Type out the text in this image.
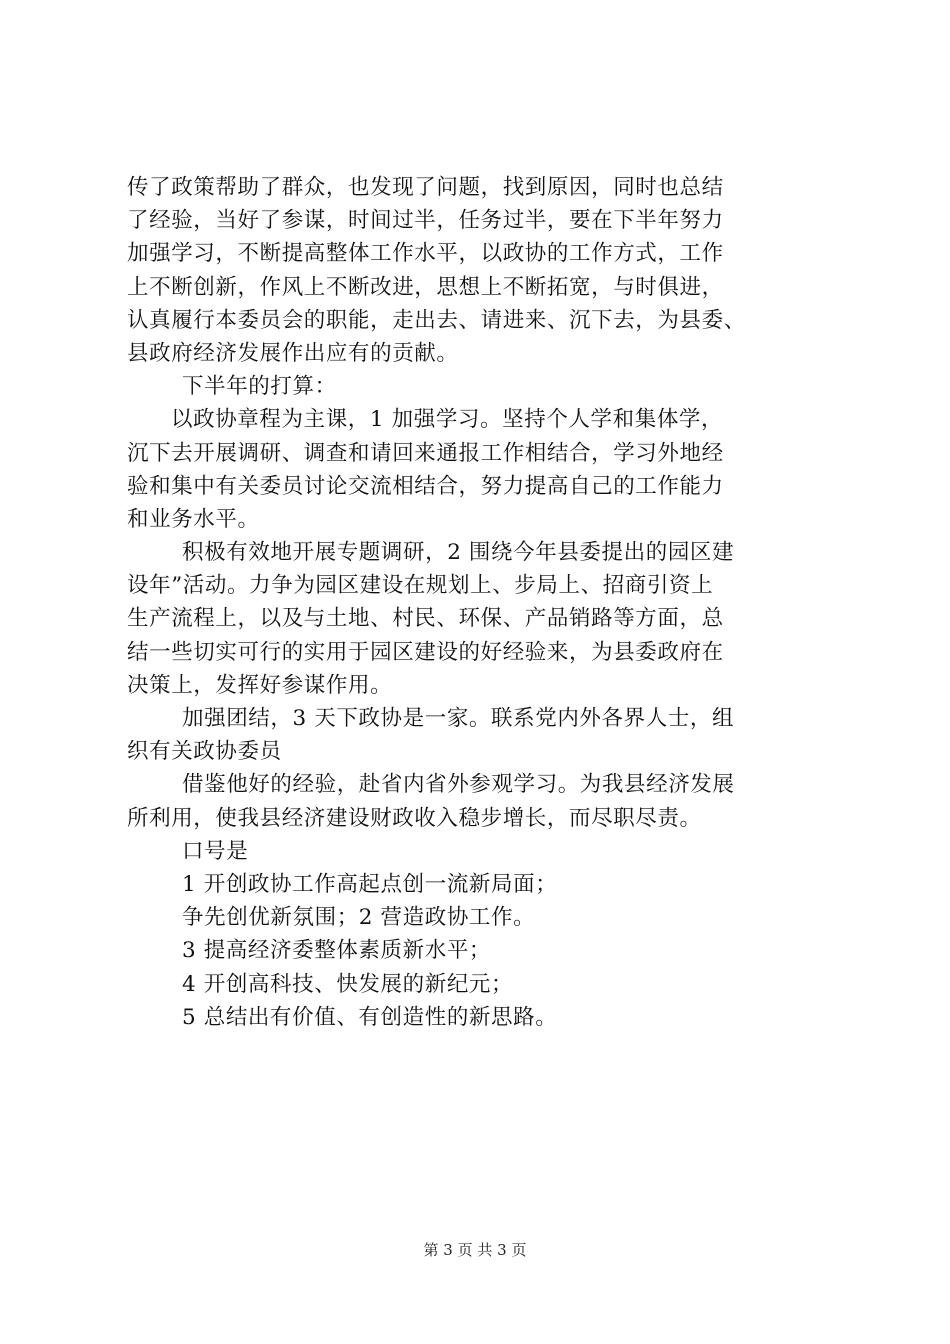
传了政策帮助了群众，也发现了问题，找到原因，同时也总结
了经验，当好了参谋，时间过半，任务过半，要在下半年努力
加强学习，不断提高整体工作水平，以政协的工作方式，工作
上不断创新，作风上不断改进，思想上不断拓宽，与时俱进，
认真履行本委员会的职能，走出去、请进来、沉下去，为县委、
县政府经济发展作出应有的贡献。
下半年的打算：
以政协章程为主课，1 加强学习。坚持个人学和集体学，
沉下去开展调研、调查和请回来通报工作相结合，学习外地经
验和集中有关委员讨论交流相结合，努力提高自己的工作能力
和业务水平。
积极有效地开展专题调研，2 围绕今年县委提出的园区建
设年”活动。力争为园区建设在规划上、步局上、招商引资上
生产流程上，以及与土地、村民、环保、产品销路等方面，总
结一些切实可行的实用于园区建设的好经验来，为县委政府在
决策上，发挥好参谋作用。
加强团结，3 天下政协是一家。联系党内外各界人士，组
织有关政协委员
借鉴他好的经验，赴省内省外参观学习。为我县经济发展
所利用，使我县经济建设财政收入稳步增长，而尽职尽责。
口号是
1 开创政协工作高起点创一流新局面；
争先创优新氛围；2 营造政协工作。
3 提高经济委整体素质新水平；
4 开创高科技、快发展的新纪元；
5 总结出有价值、有创造性的新思路。
第 3 页 共 3 页
